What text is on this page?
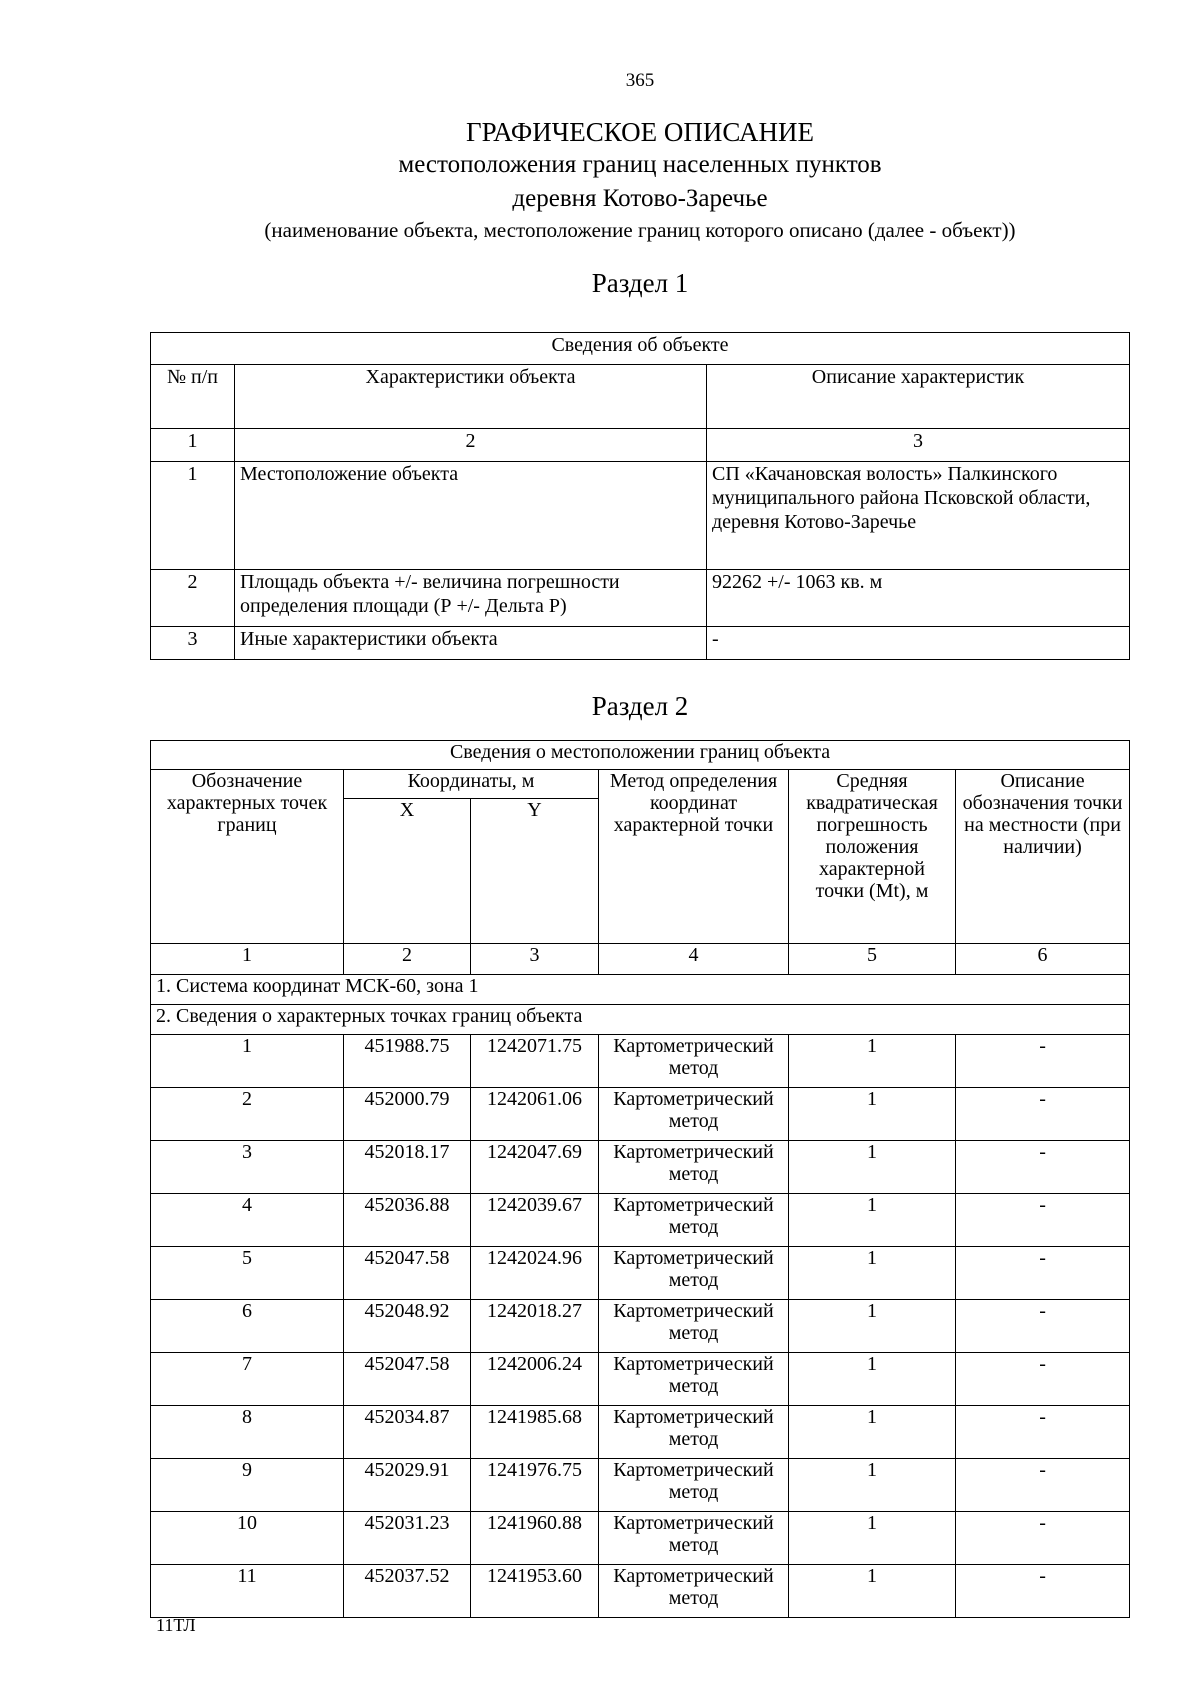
365
ГРАФИЧЕСКОЕ ОПИСАНИЕ
местоположения границ населенных пунктов
деревня Котово-Заречье
(наименование объекта, местоположение границ которого описано (далее - объект))
Раздел 1
Сведения об объекте		
№ п/п	Характеристики объекта	Описание характеристик
1	2	3
1	Местоположение объекта	СП «Качановская волость» Палкинского муниципального района Псковской области, деревня Котово-Заречье
2	Площадь объекта +/- величина погрешности определения площади (Р +/- Дельта Р)	92262 +/- 1063 кв. м
3	Иные характеристики объекта	-
Раздел 2
Сведения о местоположении границ объекта					
Обозначение характерных точек границ	Координаты, м		Метод определения координат характерной точки	Средняя квадратическая погрешность положения характерной точки (Mt), м	Описание обозначения точки на местности (при наличии)
	X	Y			
1	2	3	4	5	6
1. Система координат МСК-60, зона 1					
2. Сведения о характерных точках границ объекта					
1	451988.75	1242071.75	Картометрический метод	1	-
2	452000.79	1242061.06	Картометрический метод	1	-
3	452018.17	1242047.69	Картометрический метод	1	-
4	452036.88	1242039.67	Картометрический метод	1	-
5	452047.58	1242024.96	Картометрический метод	1	-
6	452048.92	1242018.27	Картометрический метод	1	-
7	452047.58	1242006.24	Картометрический метод	1	-
8	452034.87	1241985.68	Картометрический метод	1	-
9	452029.91	1241976.75	Картометрический метод	1	-
10	452031.23	1241960.88	Картометрический метод	1	-
11	452037.52	1241953.60	Картометрический метод	1	-
11ТЛ
